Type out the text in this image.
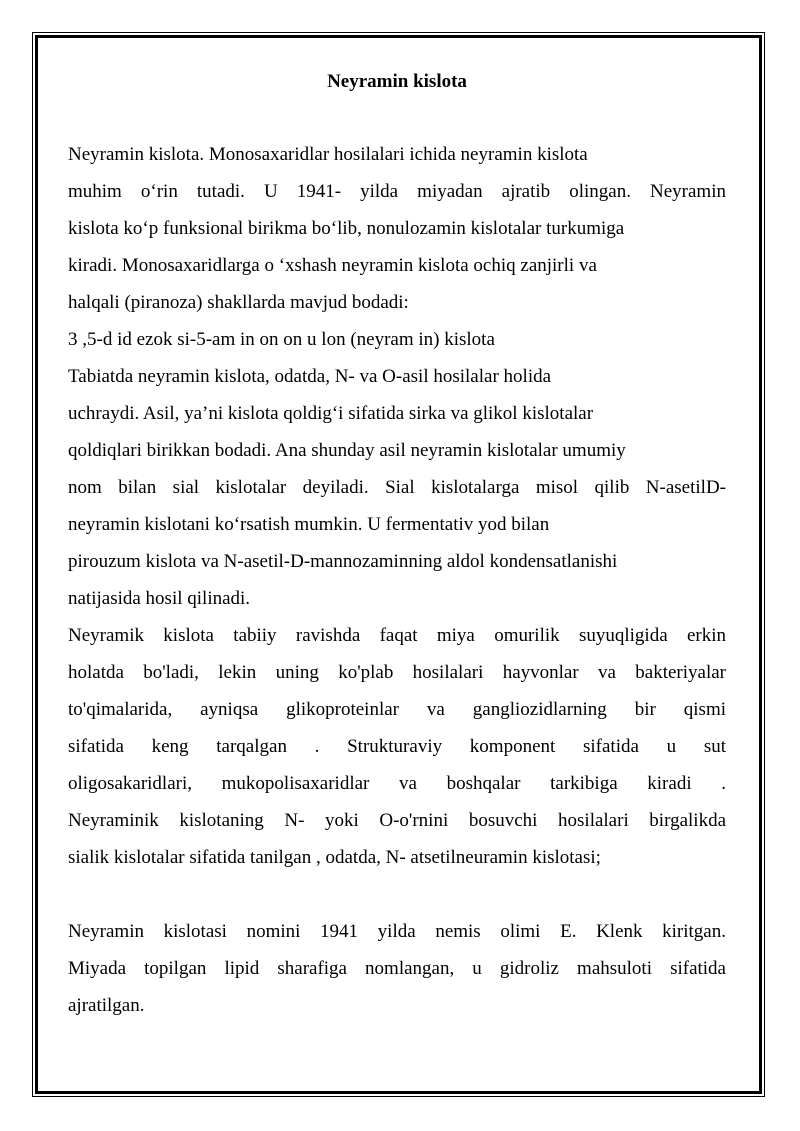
Neyramin kislota

Neyramin kislota. Monosaxaridlar hosilalari ichida neyramin kislota

muhim o‘rin tutadi. U 1941- yilda miyadan ajratib olingan. Neyramin

kislota ko‘p funksional birikma bo‘lib, nonulozamin kislotalar turkumiga

kiradi. Monosaxaridlarga o ‘xshash neyramin kislota ochiq zanjirli va

halqali (piranoza) shakllarda mavjud bodadi:

3 ,5-d id ezok si-5-am in on on u lon (neyram in) kislota

Tabiatda neyramin kislota, odatda, N- va O-asil hosilalar holida

uchraydi. Asil, ya’ni kislota qoldig‘i sifatida sirka va glikol kislotalar

qoldiqlari birikkan bodadi. Ana shunday asil neyramin kislotalar umumiy

nom bilan sial kislotalar deyiladi. Sial kislotalarga misol qilib N-asetilD-

neyramin kislotani ko‘rsatish mumkin. U fermentativ yod bilan

pirouzum kislota va N-asetil-D-mannozaminning aldol kondensatlanishi

natijasida hosil qilinadi.

Neyramik kislota tabiiy ravishda faqat miya omurilik suyuqligida erkin

holatda bo'ladi, lekin uning ko'plab hosilalari hayvonlar va bakteriyalar

to'qimalarida, ayniqsa glikoproteinlar va gangliozidlarning bir qismi

sifatida keng tarqalgan . Strukturaviy komponent sifatida u sut

oligosakaridlari, mukopolisaxaridlar va boshqalar tarkibiga kiradi .

Neyraminik kislotaning N- yoki O-o'rnini bosuvchi hosilalari birgalikda

sialik kislotalar sifatida tanilgan , odatda, N- atsetilneuramin kislotasi;

Neyramin kislotasi nomini 1941 yilda nemis olimi E. Klenk kiritgan.

Miyada topilgan lipid sharafiga nomlangan, u gidroliz mahsuloti sifatida

ajratilgan.
